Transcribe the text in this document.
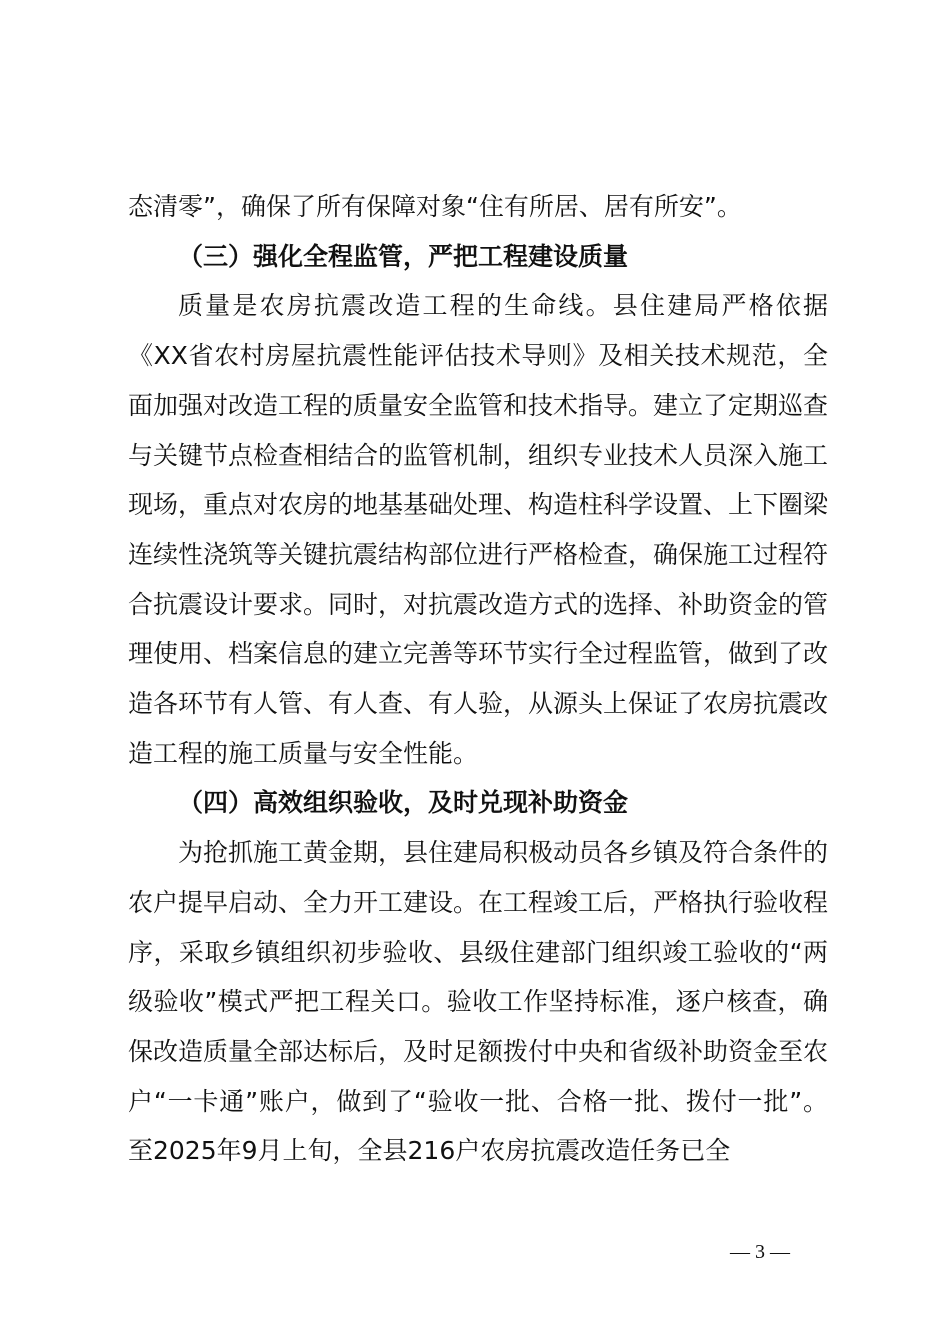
态清零”，确保了所有保障对象“住有所居、居有所安”。

（三）强化全程监管，严把工程建设质量

质量是农房抗震改造工程的生命线。县住建局严格依据《XX省农村房屋抗震性能评估技术导则》及相关技术规范，全面加强对改造工程的质量安全监管和技术指导。建立了定期巡查与关键节点检查相结合的监管机制，组织专业技术人员深入施工现场，重点对农房的地基基础处理、构造柱科学设置、上下圈梁连续性浇筑等关键抗震结构部位进行严格检查，确保施工过程符合抗震设计要求。同时，对抗震改造方式的选择、补助资金的管理使用、档案信息的建立完善等环节实行全过程监管，做到了改造各环节有人管、有人查、有人验，从源头上保证了农房抗震改造工程的施工质量与安全性能。

（四）高效组织验收，及时兑现补助资金

为抢抓施工黄金期，县住建局积极动员各乡镇及符合条件的农户提早启动、全力开工建设。在工程竣工后，严格执行验收程序，采取乡镇组织初步验收、县级住建部门组织竣工验收的“两级验收”模式严把工程关口。验收工作坚持标准，逐户核查，确保改造质量全部达标后，及时足额拨付中央和省级补助资金至农户“一卡通”账户，做到了“验收一批、合格一批、拨付一批”。至2025年9月上旬，全县216户农房抗震改造任务已全

— 3 —
